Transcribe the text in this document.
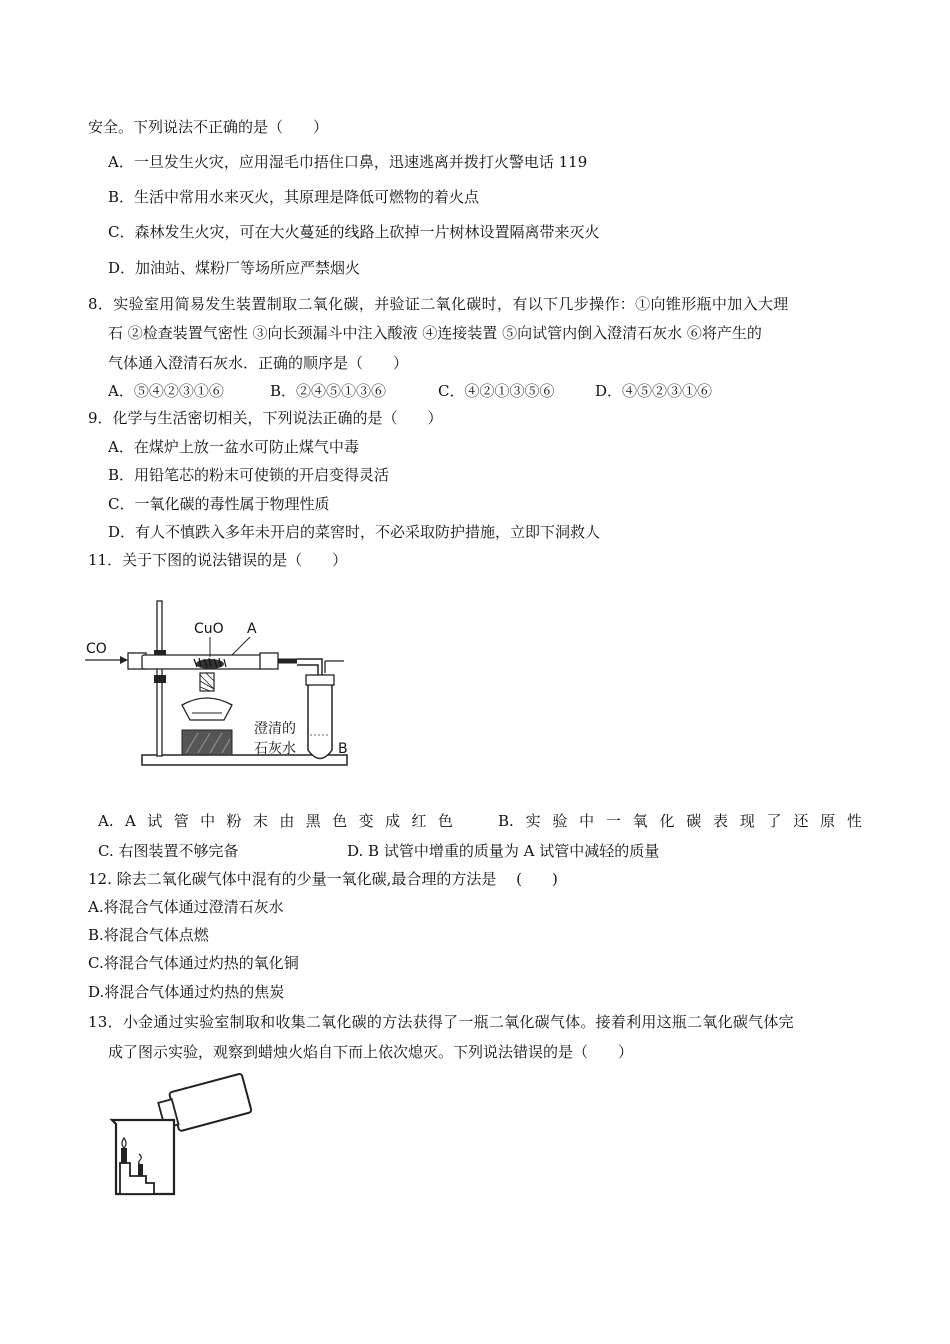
安全。下列说法不正确的是（　　）
A．一旦发生火灾，应用湿毛巾捂住口鼻，迅速逃离并拨打火警电话 119
B．生活中常用水来灭火，其原理是降低可燃物的着火点
C．森林发生火灾，可在大火蔓延的线路上砍掉一片树林设置隔离带来灭火
D．加油站、煤粉厂等场所应严禁烟火
8．实验室用简易发生装置制取二氧化碳，并验证二氧化碳时，有以下几步操作：①向锥形瓶中加入大理
石 ②检查装置气密性 ③向长颈漏斗中注入酸液 ④连接装置 ⑤向试管内倒入澄清石灰水 ⑥将产生的
气体通入澄清石灰水．正确的顺序是（　　）
A．⑤④②③①⑥	B．②④⑤①③⑥	C．④②①③⑤⑥	D．④⑤②③①⑥
9．化学与生活密切相关，下列说法正确的是（　　）
A．在煤炉上放一盆水可防止煤气中毒
B．用铅笔芯的粉末可使锁的开启变得灵活
C．一氧化碳的毒性属于物理性质
D．有人不慎跌入多年未开启的菜窖时，不必采取防护措施，立即下洞救人
11．关于下图的说法错误的是（　　）
CO
CuO A
澄清的
石灰水	B
A. A 试 管 中 粉 末 由 黑 色 变 成 红 色	B. 实 验 中 一 氧 化 碳 表 现 了 还 原 性
C. 右图装置不够完备	D. B 试管中增重的质量为 A 试管中减轻的质量
12. 除去二氧化碳气体中混有的少量一氧化碳,最合理的方法是　 (　　)
A.将混合气体通过澄清石灰水
B.将混合气体点燃
C.将混合气体通过灼热的氧化铜
D.将混合气体通过灼热的焦炭
13．小金通过实验室制取和收集二氧化碳的方法获得了一瓶二氧化碳气体。接着利用这瓶二氧化碳气体完
成了图示实验，观察到蜡烛火焰自下而上依次熄灭。下列说法错误的是（　　）
